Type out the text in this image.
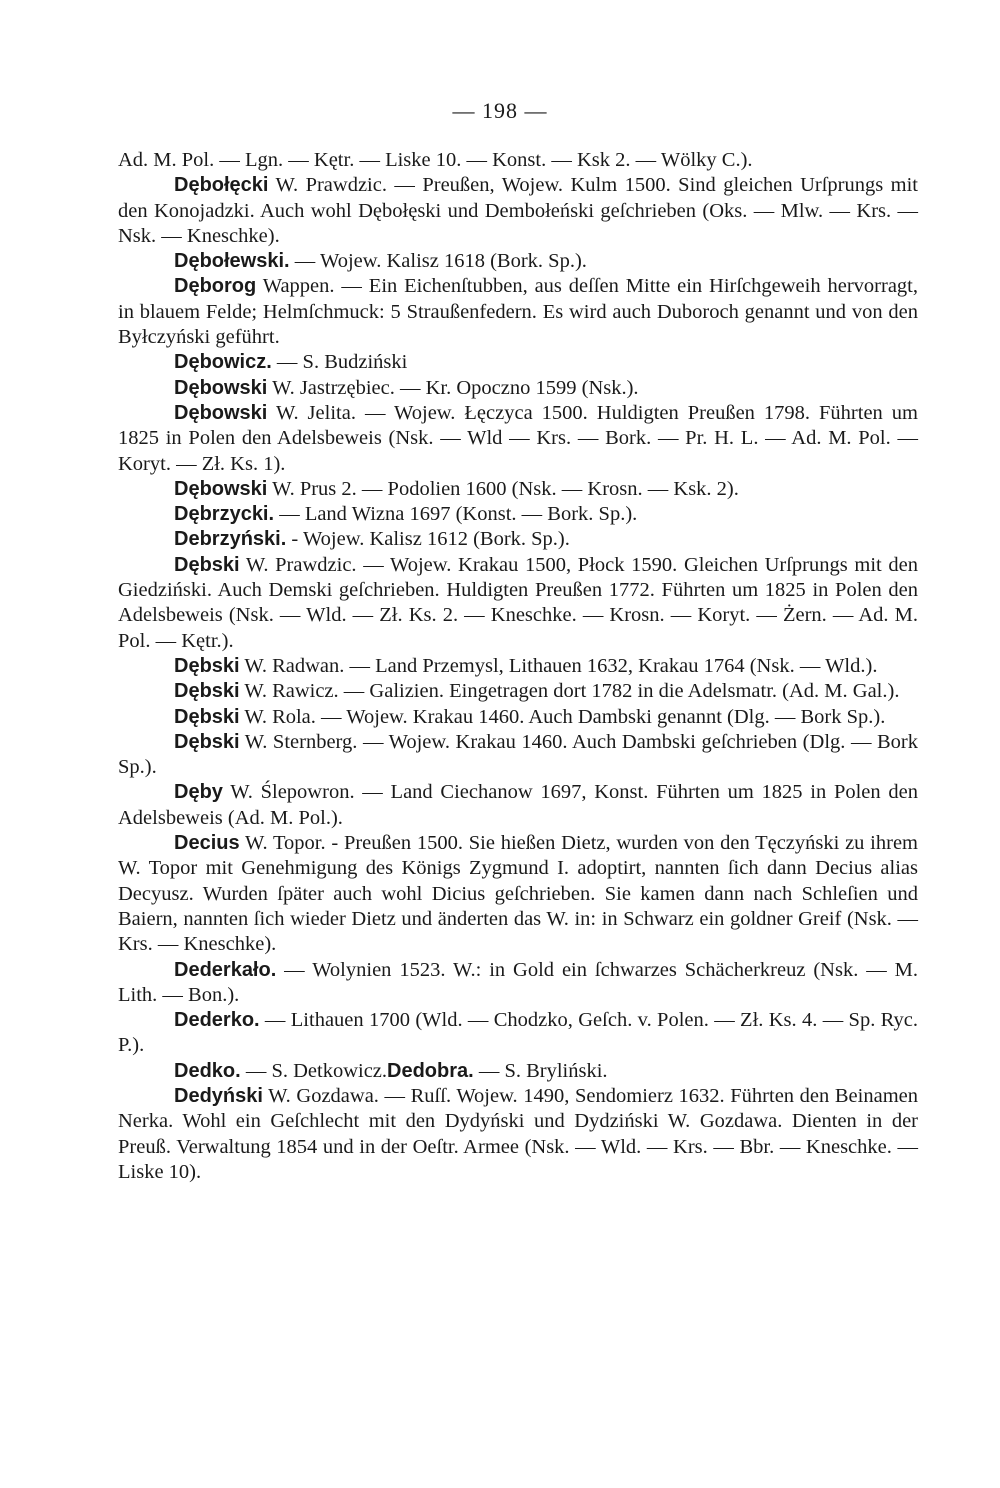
— 198 —

Ad. M. Pol. — Lgn. — Kętr. — Liske 10. — Konst. — Ksk 2. — Wölky C.).

Dębołęcki W. Prawdzic. — Preußen, Wojew. Kulm 1500. Sind gleichen Urſprungs mit den Konojadzki. Auch wohl Dębołęski und Dembołeński geſchrieben (Oks. — Mlw. — Krs. — Nsk. — Kneschke).

Dębołewski. — Wojew. Kalisz 1618 (Bork. Sp.).

Dęborog Wappen. — Ein Eichenſtubben, aus deſſen Mitte ein Hirſchgeweih hervorragt, in blauem Felde; Helmſchmuck: 5 Straußenfedern. Es wird auch Duboroch genannt und von den Byłczyński geführt.

Dębowicz. — S. Budziński

Dębowski W. Jastrzębiec. — Kr. Opoczno 1599 (Nsk.).

Dębowski W. Jelita. — Wojew. Łęczyca 1500. Huldigten Preußen 1798. Führten um 1825 in Polen den Adelsbeweis (Nsk. — Wld — Krs. — Bork. — Pr. H. L. — Ad. M. Pol. — Koryt. — Zł. Ks. 1).

Dębowski W. Prus 2. — Podolien 1600 (Nsk. — Krosn. — Ksk. 2).

Dębrzycki. — Land Wizna 1697 (Konst. — Bork. Sp.).

Debrzyński. - Wojew. Kalisz 1612 (Bork. Sp.).

Dębski W. Prawdzic. — Wojew. Krakau 1500, Płock 1590. Gleichen Urſprungs mit den Giedziński. Auch Demski geſchrieben. Huldigten Preußen 1772. Führten um 1825 in Polen den Adelsbeweis (Nsk. — Wld. — Zł. Ks. 2. — Kneschke. — Krosn. — Koryt. — Żern. — Ad. M. Pol. — Kętr.).

Dębski W. Radwan. — Land Przemysl, Lithauen 1632, Krakau 1764 (Nsk. — Wld.).

Dębski W. Rawicz. — Galizien. Eingetragen dort 1782 in die Adelsmatr. (Ad. M. Gal.).

Dębski W. Rola. — Wojew. Krakau 1460. Auch Dambski genannt (Dlg. — Bork Sp.).

Dębski W. Sternberg. — Wojew. Krakau 1460. Auch Dambski geſchrieben (Dlg. — Bork Sp.).

Dęby W. Ślepowron. — Land Ciechanow 1697, Konst. Führten um 1825 in Polen den Adelsbeweis (Ad. M. Pol.).

Decius W. Topor. - Preußen 1500. Sie hießen Dietz, wurden von den Tęczyński zu ihrem W. Topor mit Genehmigung des Königs Zygmund I. adoptirt, nannten ſich dann Decius alias Decyusz. Wurden ſpäter auch wohl Dicius geſchrieben. Sie kamen dann nach Schleſien und Baiern, nannten ſich wieder Dietz und änderten das W. in: in Schwarz ein goldner Greif (Nsk. — Krs. — Kneschke).

Dederkało. — Wolynien 1523. W.: in Gold ein ſchwarzes Schächerkreuz (Nsk. — M. Lith. — Bon.).

Dederko. — Lithauen 1700 (Wld. — Chodzko, Geſch. v. Polen. — Zł. Ks. 4. — Sp. Ryc. P.).

Dedko. — S. Detkowicz.Dedobra. — S. Bryliński.

Dedyński W. Gozdawa. — Ruſſ. Wojew. 1490, Sendomierz 1632. Führten den Beinamen Nerka. Wohl ein Geſchlecht mit den Dydyński und Dydziński W. Gozdawa. Dienten in der Preuß. Verwaltung 1854 und in der Oeſtr. Armee (Nsk. — Wld. — Krs. — Bbr. — Kneschke. — Liske 10).
